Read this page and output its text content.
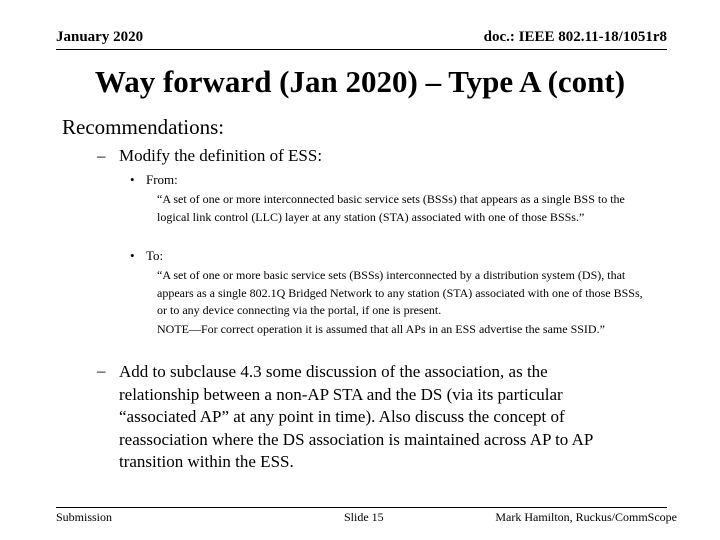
January 2020	doc.: IEEE 802.11-18/1051r8
Way forward (Jan 2020) – Type A (cont)
Recommendations:
– Modify the definition of ESS:
• From:
“A set of one or more interconnected basic service sets (BSSs) that appears as a single BSS to the logical link control (LLC) layer at any station (STA) associated with one of those BSSs.”
• To:
“A set of one or more basic service sets (BSSs) interconnected by a distribution system (DS), that appears as a single 802.1Q Bridged Network to any station (STA) associated with one of those BSSs, or to any device connecting via the portal, if one is present.
NOTE—For correct operation it is assumed that all APs in an ESS advertise the same SSID.”
– Add to subclause 4.3 some discussion of the association, as the
relationship between a non-AP STA and the DS (via its particular
“associated AP” at any point in time). Also discuss the concept of
reassociation where the DS association is maintained across AP to AP
transition within the ESS.
Submission	Slide 15	Mark Hamilton, Ruckus/CommScope
